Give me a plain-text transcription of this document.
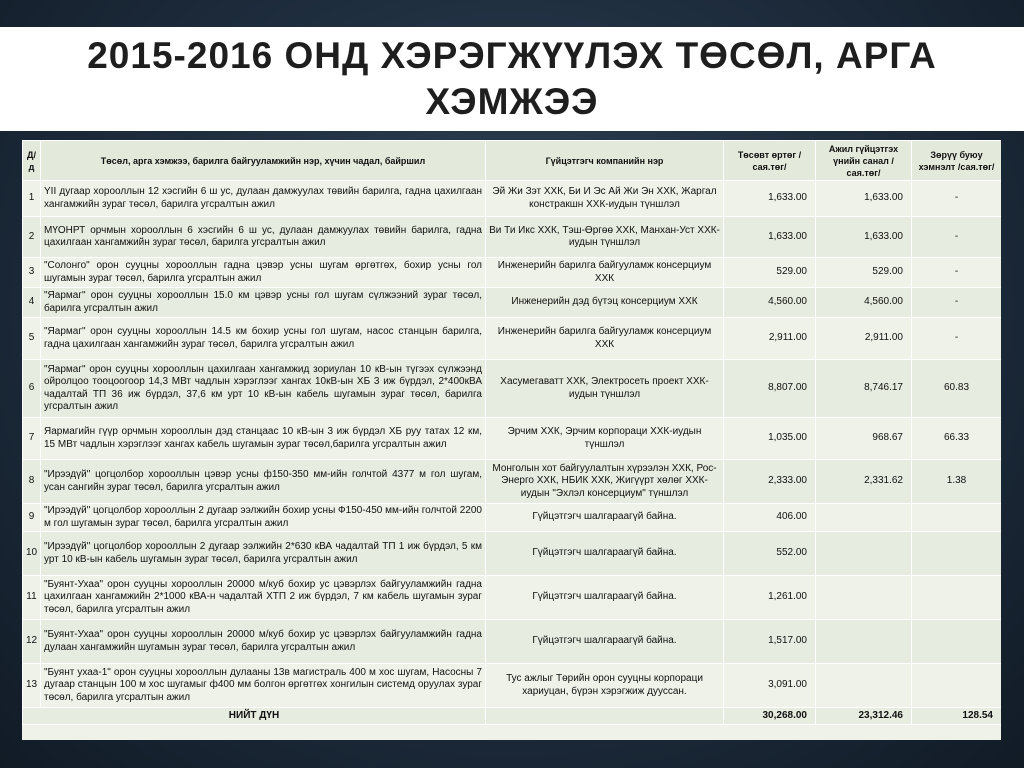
2015-2016 ОНД ХЭРЭГЖҮҮЛЭХ ТӨСӨЛ, АРГА ХЭМЖЭЭ
Д/д	Төсөл, арга хэмжээ, барилга байгууламжийн нэр, хүчин чадал, байршил	Гүйцэтгэгч компанийн нэр	Төсөвт өртөг /сая.төг/	Ажил гүйцэтгэх үнийн санал /сая.төг/	Зөрүү буюу хэмнэлт /сая.төг/
1	YII дугаар хорооллын 12 хэсгийн 6 ш ус, дулаан дамжуулах төвийн барилга, гадна цахилгаан хангамжийн зураг төсөл, барилга угсралтын ажил	Эй Жи Зэт ХХК, Би И Эс Ай Жи Эн ХХК, Жаргал констракшн ХХК-иудын түншлэл	1,633.00	1,633.00	-
2	МҮОНРТ орчмын хорооллын 6 хэсгийн 6 ш ус, дулаан дамжуулах төвийн барилга, гадна цахилгаан хангамжийн зураг төсөл, барилга угсралтын ажил	Ви Ти Икс ХХК, Тэш-Өргөө ХХК, Манхан-Уст ХХК-иудын түншлэл	1,633.00	1,633.00	-
3	"Солонго" орон сууцны хорооллын гадна цэвэр усны шугам өргөтгөх, бохир усны гол шугамын зураг төсөл, барилга угсралтын ажил	Инженерийн барилга байгууламж консерциум ХХК	529.00	529.00	-
4	"Яармаг" орон сууцны хорооллын 15.0 км цэвэр усны гол шугам сүлжээний зураг төсөл, барилга угсралтын ажил	Инженерийн дэд бүтэц консерциум ХХК	4,560.00	4,560.00	-
5	"Яармаг" орон сууцны хорооллын 14.5 км бохир усны гол шугам, насос станцын барилга, гадна цахилгаан хангамжийн зураг төсөл, барилга угсралтын ажил	Инженерийн барилга байгууламж консерциум ХХК	2,911.00	2,911.00	-
6	"Яармаг" орон сууцны хорооллын цахилгаан хангамжид зориулан 10 кВ-ын түгээх сүлжээнд ойролцоо тооцоогоор 14,3 МВт чадлын хэрэглээг хангах 10кВ-ын ХБ 3 иж бүрдэл, 2*400кВА чадалтай ТП 36 иж бүрдэл, 37,6 км урт 10 кВ-ын кабель шугамын зураг төсөл, барилга угсралтын ажил	Хасумегаватт ХХК, Электросеть проект ХХК-иудын түншлэл	8,807.00	8,746.17	60.83
7	Яармагийн гүүр орчмын хорооллын дэд станцаас 10 кВ-ын 3 иж бүрдэл ХБ руу татах 12 км, 15 МВт чадлын хэрэглээг хангах кабель шугамын зураг төсөл,барилга угсралтын ажил	Эрчим ХХК, Эрчим корпораци ХХК-иудын түншлэл	1,035.00	968.67	66.33
8	"Ирээдүй" цогцолбор хорооллын цэвэр усны ф150-350 мм-ийн голчтой 4377 м гол шугам, усан сангийн зураг төсөл, барилга угсралтын ажил	Монголын хот байгуулалтын хүрээлэн ХХК, Рос-Энерго ХХК, НБИК ХХК, Жигүүрт хөлөг ХХК-иудын "Эхлэл консерциум" түншлэл	2,333.00	2,331.62	1.38
9	"Ирээдүй" цогцолбор хорооллын 2 дугаар ээлжийн бохир усны Ф150-450 мм-ийн голчтой 2200 м гол шугамын зураг төсөл, барилга угсралтын ажил	Гүйцэтгэгч шалгараагүй байна.	406.00		
10	"Ирээдүй" цогцолбор хорооллын 2 дугаар ээлжийн 2*630 кВА чадалтай ТП 1 иж бүрдэл, 5 км урт 10 кВ-ын кабель шугамын зураг төсөл, барилга угсралтын ажил	Гүйцэтгэгч шалгараагүй байна.	552.00		
11	"Буянт-Ухаа" орон сууцны хорооллын 20000 м/куб бохир ус цэвэрлэх байгууламжийн гадна цахилгаан хангамжийн 2*1000 кВА-н чадалтай ХТП 2 иж бүрдэл, 7 км кабель шугамын зураг төсөл, барилга угсралтын ажил	Гүйцэтгэгч шалгараагүй байна.	1,261.00		
12	"Буянт-Ухаа" орон сууцны хорооллын 20000 м/куб бохир ус цэвэрлэх байгууламжийн гадна дулаан хангамжийн шугамын зураг төсөл, барилга угсралтын ажил	Гүйцэтгэгч шалгараагүй байна.	1,517.00		
13	"Буянт ухаа-1" орон сууцны хорооллын дулааны 13в магистраль 400 м хос шугам, Насосны 7 дугаар станцын 100 м хос шугамыг ф400 мм болгон өргөтгөх хонгилын системд оруулах зураг төсөл, барилга угсралтын ажил	Тус ажлыг Төрийн орон сууцны корпораци хариуцан, бүрэн хэрэгжиж дууссан.	3,091.00		
НИЙТ ДҮН			30,268.00	23,312.46	128.54
